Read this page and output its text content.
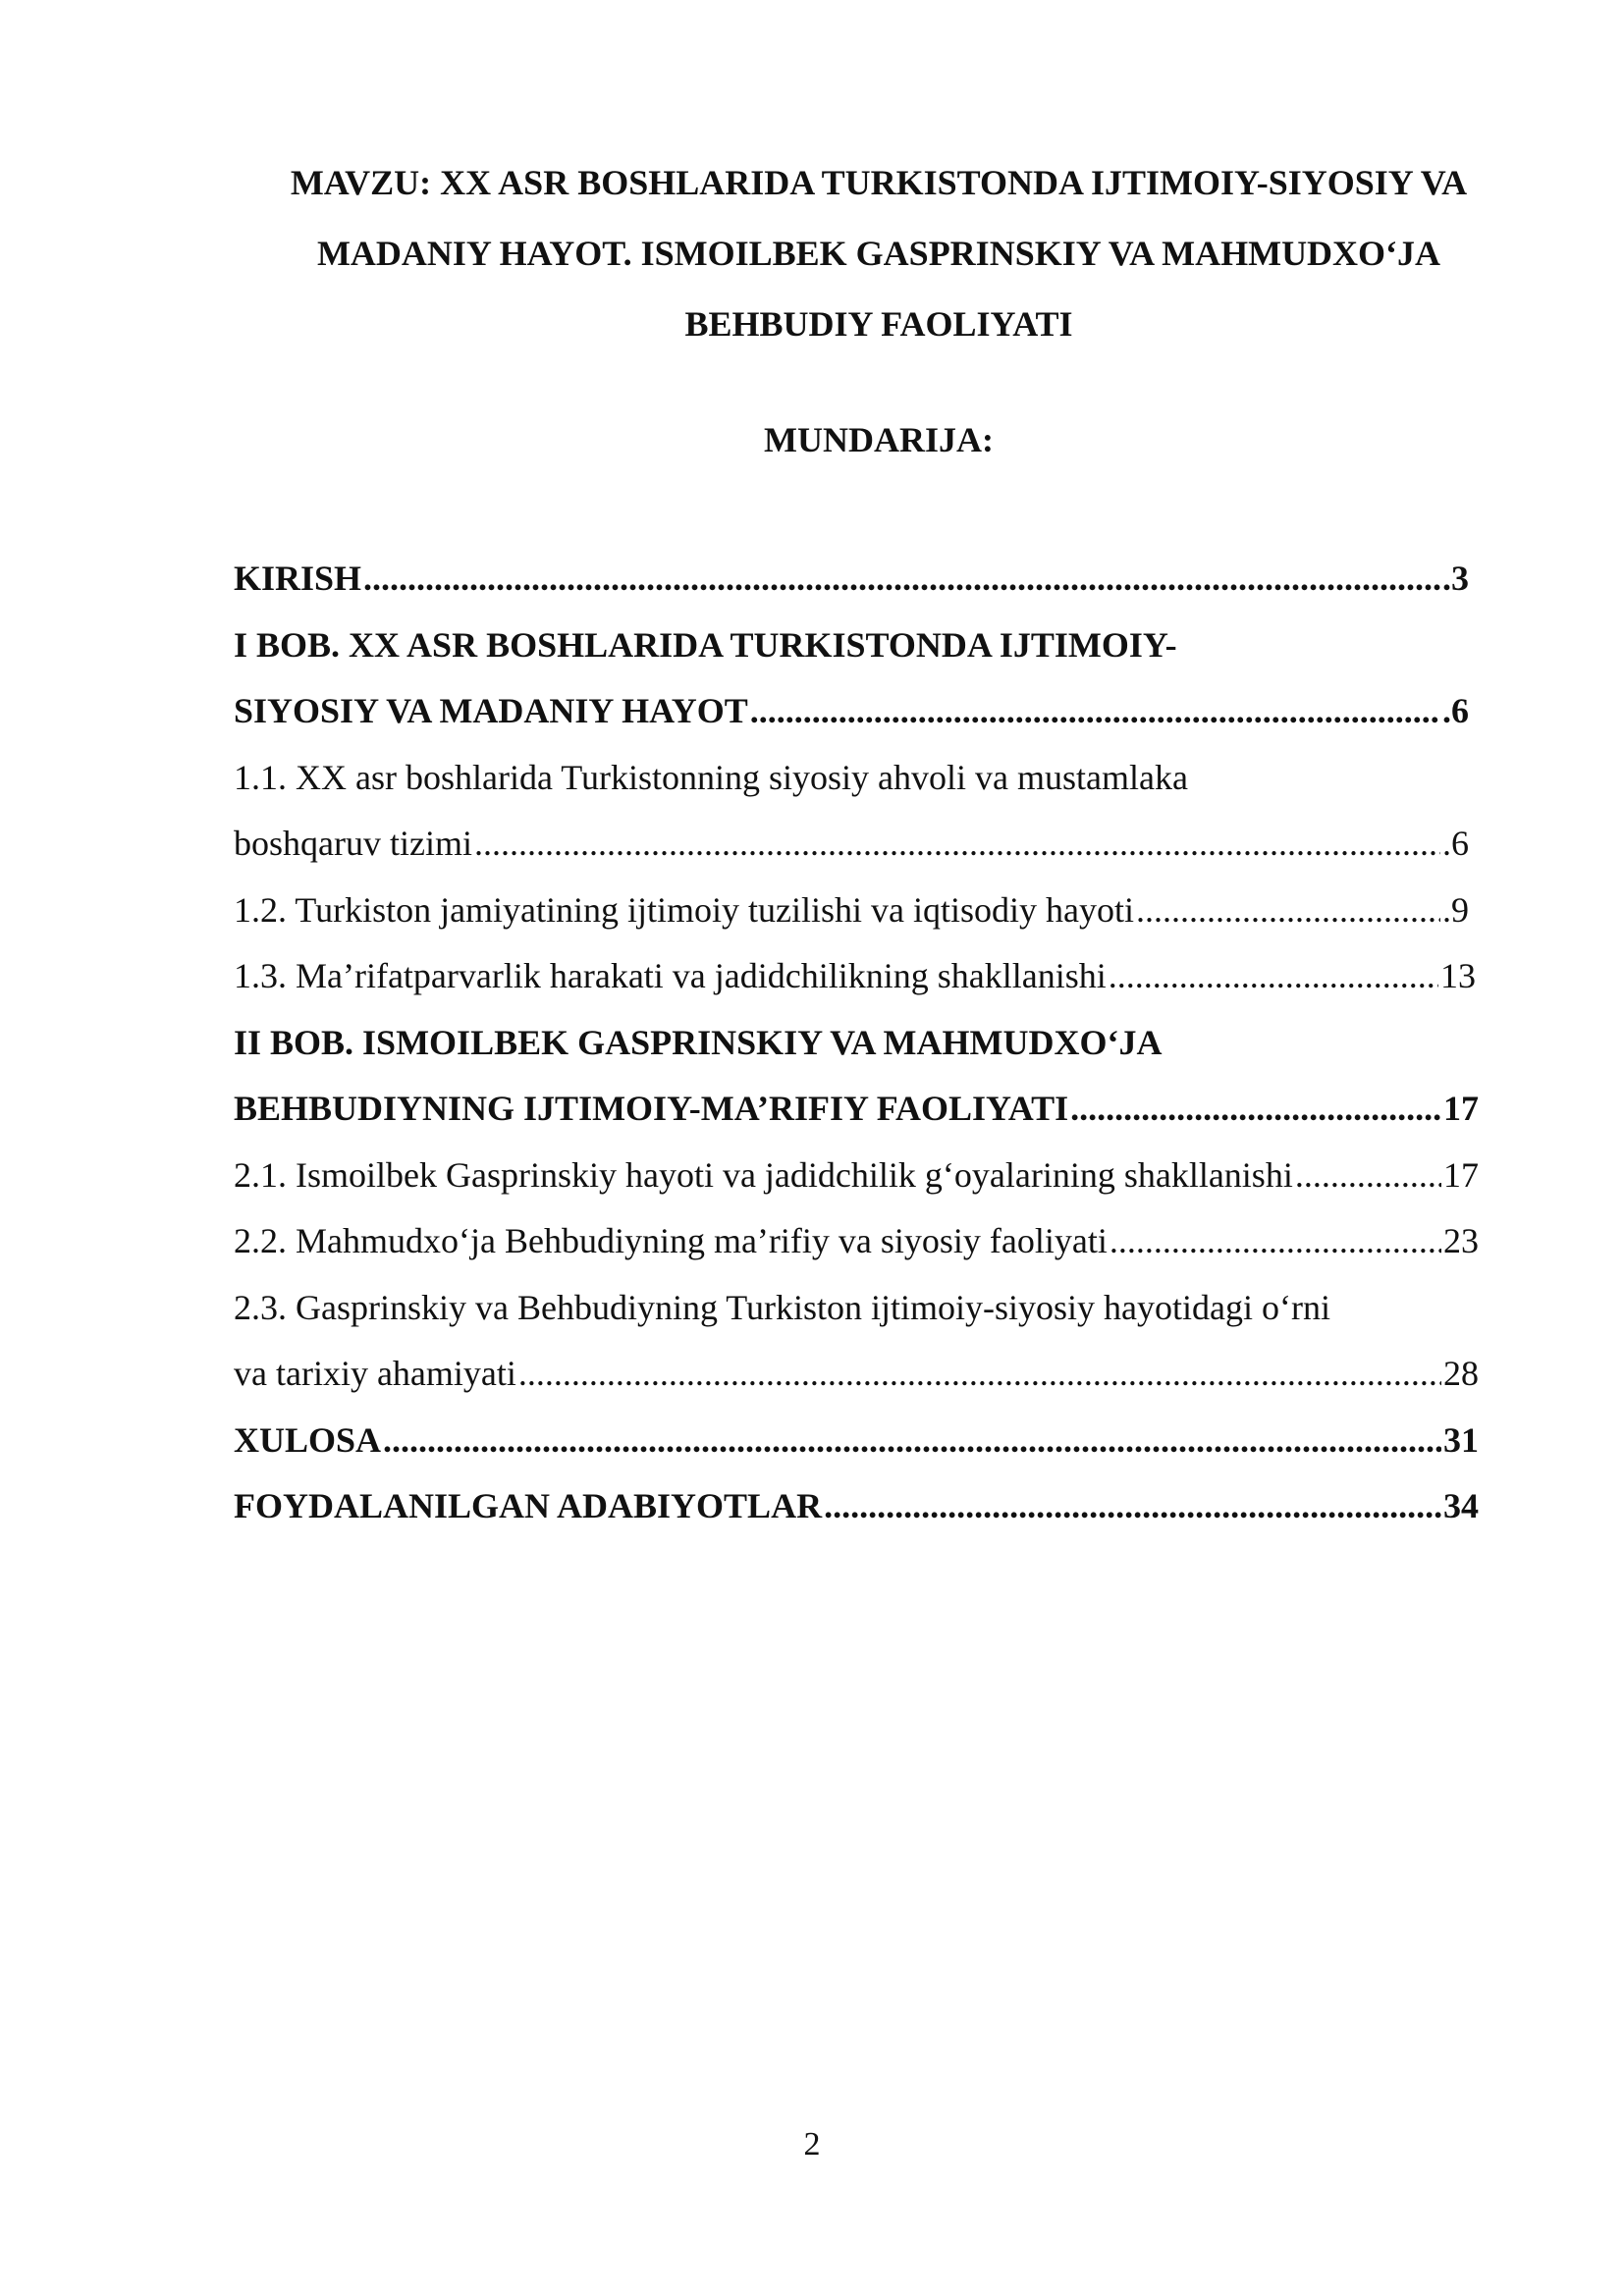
MAVZU: XX ASR BOSHLARIDA TURKISTONDA IJTIMOIY-SIYOSIY VA
MADANIY HAYOT. ISMOILBEK GASPRINSKIY VA MAHMUDXO‘JA
BEHBUDIY FAOLIYATI
MUNDARIJA:
KIRISH .....	.3
I BOB. XX ASR BOSHLARIDA TURKISTONDA IJTIMOIY-
SIYOSIY VA MADANIY HAYOT .....	.6
1.1. XX asr boshlarida Turkistonning siyosiy ahvoli va mustamlaka
boshqaruv tizimi .....	.6
1.2. Turkiston jamiyatining ijtimoiy tuzilishi va iqtisodiy hayoti .....	.9
1.3. Ma’rifatparvarlik harakati va jadidchilikning shakllanishi .....	13
II BOB. ISMOILBEK GASPRINSKIY VA MAHMUDXO‘JA
BEHBUDIYNING IJTIMOIY-MA’RIFIY FAOLIYATI .....	17
2.1. Ismoilbek Gasprinskiy hayoti va jadidchilik g‘oyalarining shakllanishi .....	17
2.2. Mahmudxo‘ja Behbudiyning ma’rifiy va siyosiy faoliyati .....	23
2.3. Gasprinskiy va Behbudiyning Turkiston ijtimoiy-siyosiy hayotidagi o‘rni
va tarixiy ahamiyati .....	28
XULOSA .....	31
FOYDALANILGAN ADABIYOTLAR .....	34
2
